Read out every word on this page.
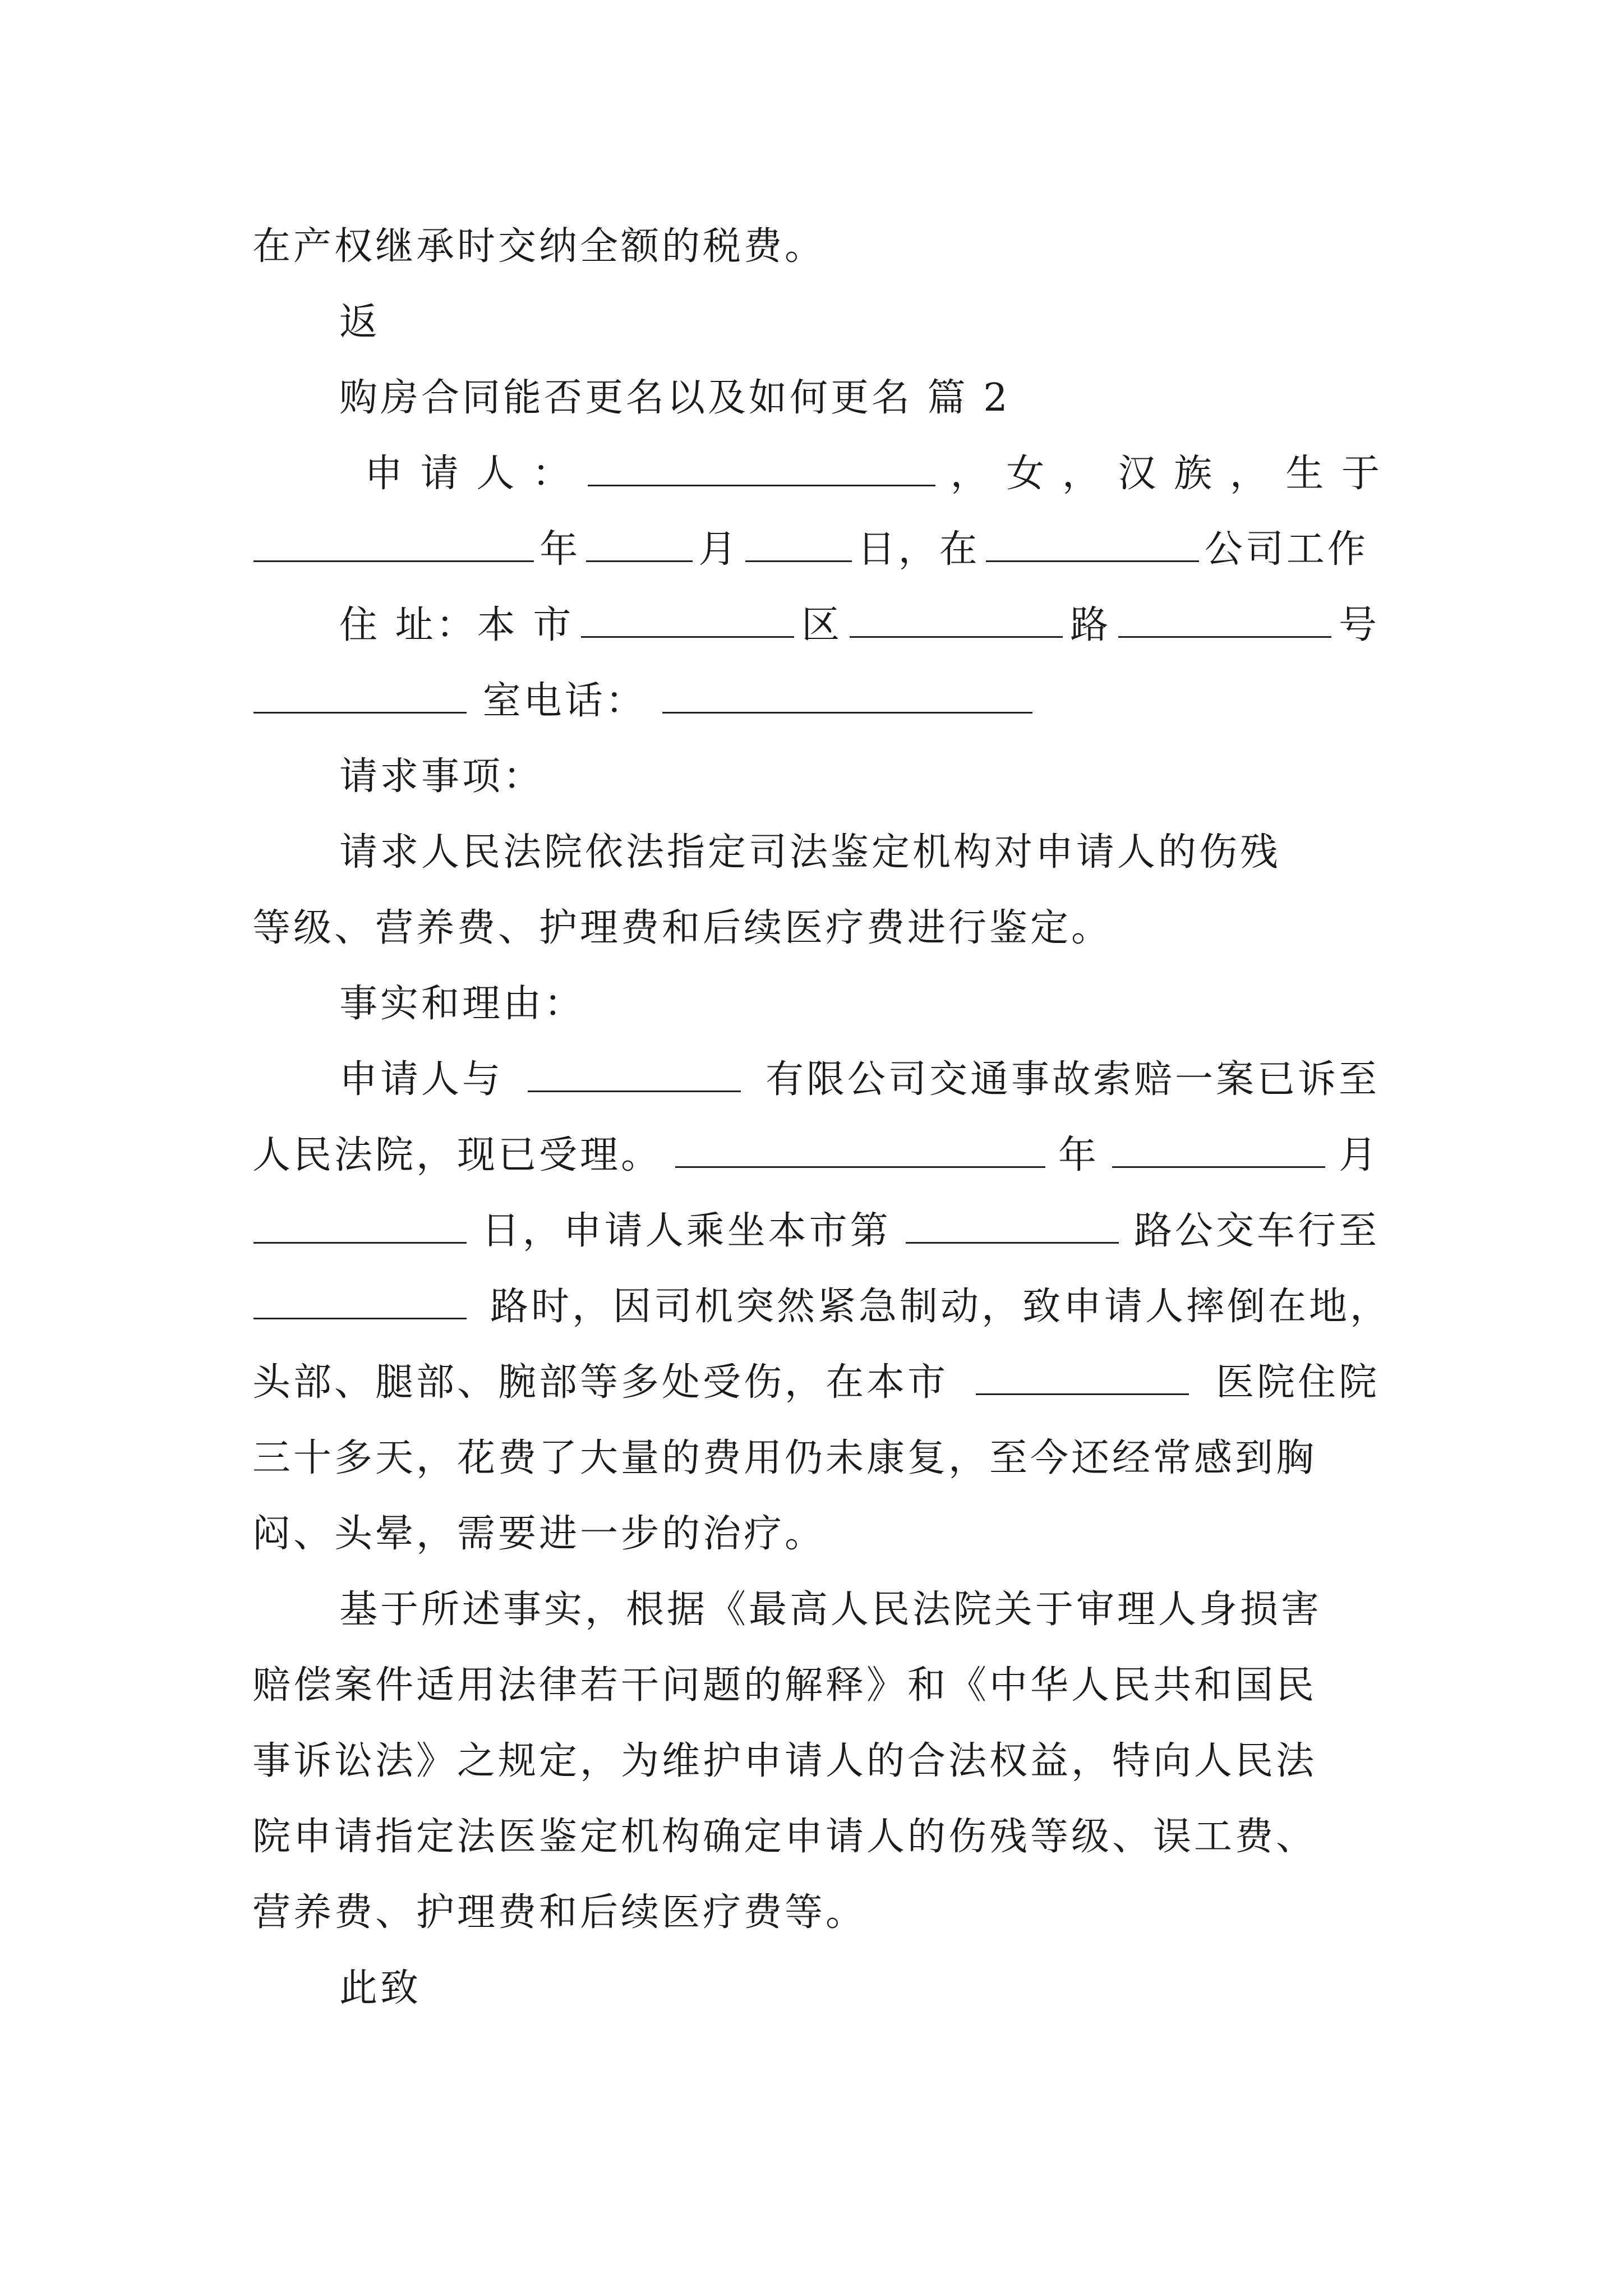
在产权继承时交纳全额的税费。
返
购房合同能否更名以及如何更名 篇 2
申 请 人 ：	， 女 ， 汉 族 ， 生 于
年	月	日，在	公司工作
住 址：本 市	区	路	号
室电话：
请求事项：
请求人民法院依法指定司法鉴定机构对申请人的伤残
等级、营养费、护理费和后续医疗费进行鉴定。
事实和理由：
申请人与	有限公司交通事故索赔一案已诉至
人民法院，现已受理。	年	月
日，申请人乘坐本市第	路公交车行至
路时，因司机突然紧急制动，致申请人摔倒在地，
头部、腿部、腕部等多处受伤，在本市	医院住院
三十多天，花费了大量的费用仍未康复，至今还经常感到胸
闷、头晕，需要进一步的治疗。
基于所述事实，根据《最高人民法院关于审理人身损害
赔偿案件适用法律若干问题的解释》和《中华人民共和国民
事诉讼法》之规定，为维护申请人的合法权益，特向人民法
院申请指定法医鉴定机构确定申请人的伤残等级、误工费、
营养费、护理费和后续医疗费等。
此致
